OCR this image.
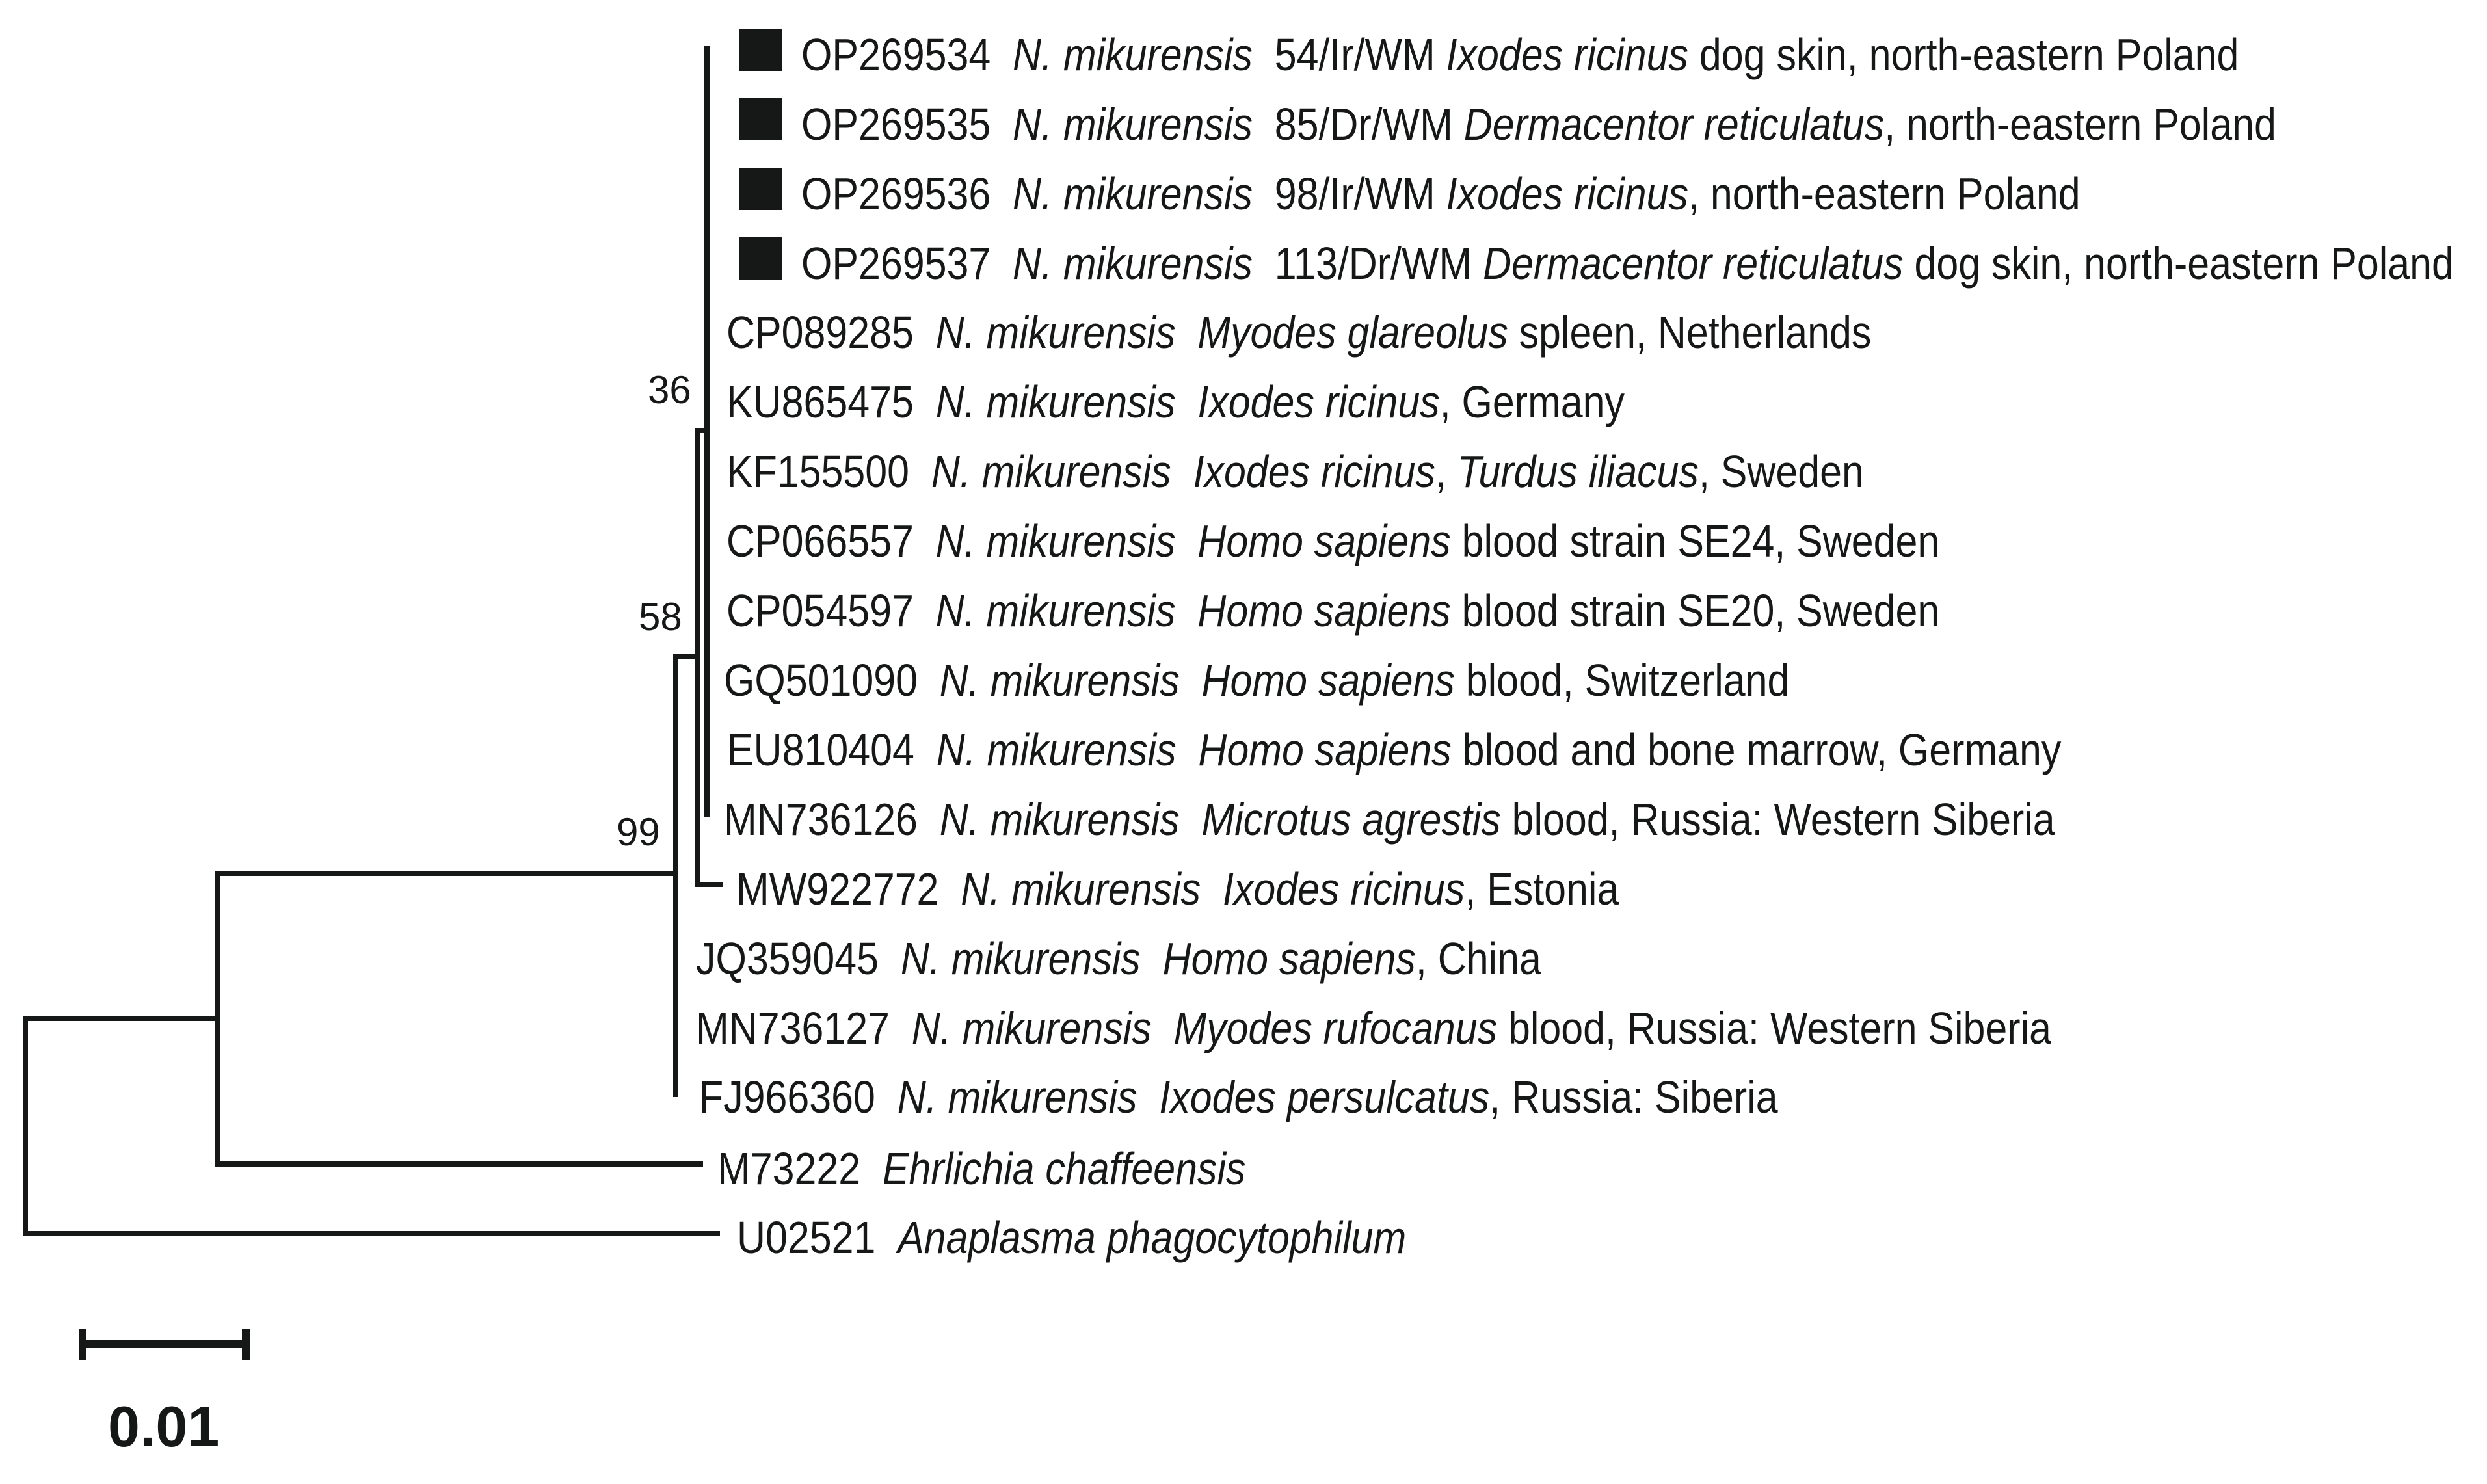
OP269534  N. mikurensis  54/Ir/WM Ixodes ricinus dog skin, north-eastern Poland
OP269535  N. mikurensis  85/Dr/WM Dermacentor reticulatus, north-eastern Poland
OP269536  N. mikurensis  98/Ir/WM Ixodes ricinus, north-eastern Poland
OP269537  N. mikurensis  113/Dr/WM Dermacentor reticulatus dog skin, north-eastern Poland
CP089285  N. mikurensis Myodes glareolus spleen, Netherlands
KU865475  N. mikurensis Ixodes ricinus, Germany
KF155500  N. mikurensis Ixodes ricinus, Turdus iliacus, Sweden
CP066557  N. mikurensis Homo sapiens blood strain SE24, Sweden
CP054597  N. mikurensis Homo sapiens blood strain SE20, Sweden
GQ501090  N. mikurensis Homo sapiens blood, Switzerland
EU810404  N. mikurensis Homo sapiens blood and bone marrow, Germany
MN736126  N. mikurensis Microtus agrestis blood, Russia: Western Siberia
MW922772  N. mikurensis Ixodes ricinus, Estonia
JQ359045  N. mikurensis Homo sapiens, China
MN736127  N. mikurensis Myodes rufocanus blood, Russia: Western Siberia
FJ966360  N. mikurensis Ixodes persulcatus, Russia: Siberia
M73222  Ehrlichia chaffeensis
U02521  Anaplasma phagocytophilum
36
58
99
0.01
